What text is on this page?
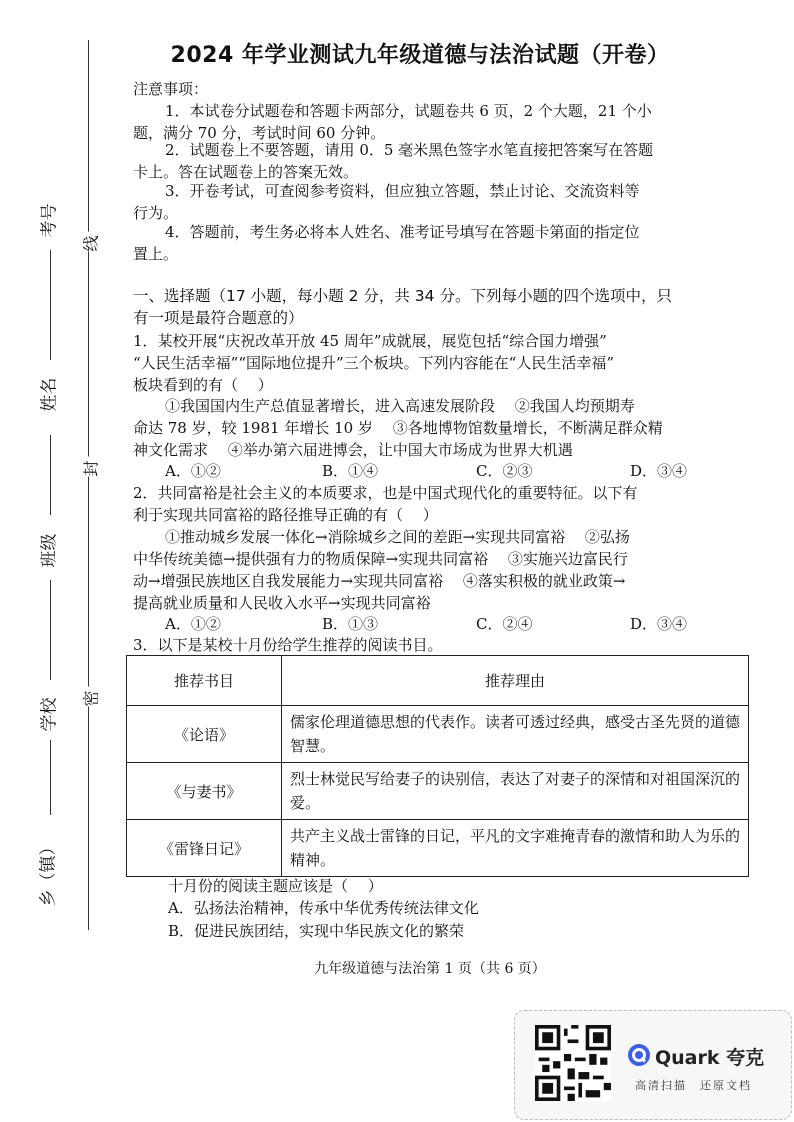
2024 年学业测试九年级道德与法治试题（开卷）
注意事项：
1．本试卷分试题卷和答题卡两部分，试题卷共 6 页，2 个大题，21 个小
题，满分 70 分，考试时间 60 分钟。
2．试题卷上不要答题，请用 0．5 毫米黑色签字水笔直接把答案写在答题
卡上。答在试题卷上的答案无效。
3．开卷考试，可查阅参考资料，但应独立答题，禁止讨论、交流资料等
行为。
4．答题前，考生务必将本人姓名、准考证号填写在答题卡第面的指定位
置上。
一、选择题（17 小题，每小题 2 分，共 34 分。下列每小题的四个选项中，只
有一项是最符合题意的）
1．某校开展“庆祝改革开放 45 周年”成就展，展览包括“综合国力增强”
“人民生活幸福”“国际地位提升”三个板块。下列内容能在“人民生活幸福”
板块看到的有（　 ）
①我国国内生产总值显著增长，进入高速发展阶段　 ②我国人均预期寿
命达 78 岁，较 1981 年增长 10 岁　 ③各地博物馆数量增长，不断满足群众精
神文化需求　 ④举办第六届进博会，让中国大市场成为世界大机遇
A．①②	B．①④	C．②③	D．③④
2．共同富裕是社会主义的本质要求，也是中国式现代化的重要特征。以下有
利于实现共同富裕的路径推导正确的有（　 ）
①推动城乡发展一体化→消除城乡之间的差距→实现共同富裕　 ②弘扬
中华传统美德→提供强有力的物质保障→实现共同富裕　 ③实施兴边富民行
动→增强民族地区自我发展能力→实现共同富裕　 ④落实积极的就业政策→
提高就业质量和人民收入水平→实现共同富裕
A．①②	B．①③	C．②④	D．③④
3．以下是某校十月份给学生推荐的阅读书目。
推荐书目	推荐理由
《论语》	儒家伦理道德思想的代表作。读者可透过经典，感受古圣先贤的道德智慧。
《与妻书》	烈士林觉民写给妻子的诀别信，表达了对妻子的深情和对祖国深沉的爱。
《雷锋日记》	共产主义战士雷锋的日记，平凡的文字难掩青春的激情和助人为乐的精神。
十月份的阅读主题应该是（　 ）
A．弘扬法治精神，传承中华优秀传统法律文化
B．促进民族团结，实现中华民族文化的繁荣
九年级道德与法治第 1 页（共 6 页）
考号
姓名
班级
学校
乡（镇）
线
封
密
Quark 夸克
高清扫描　还原文档
